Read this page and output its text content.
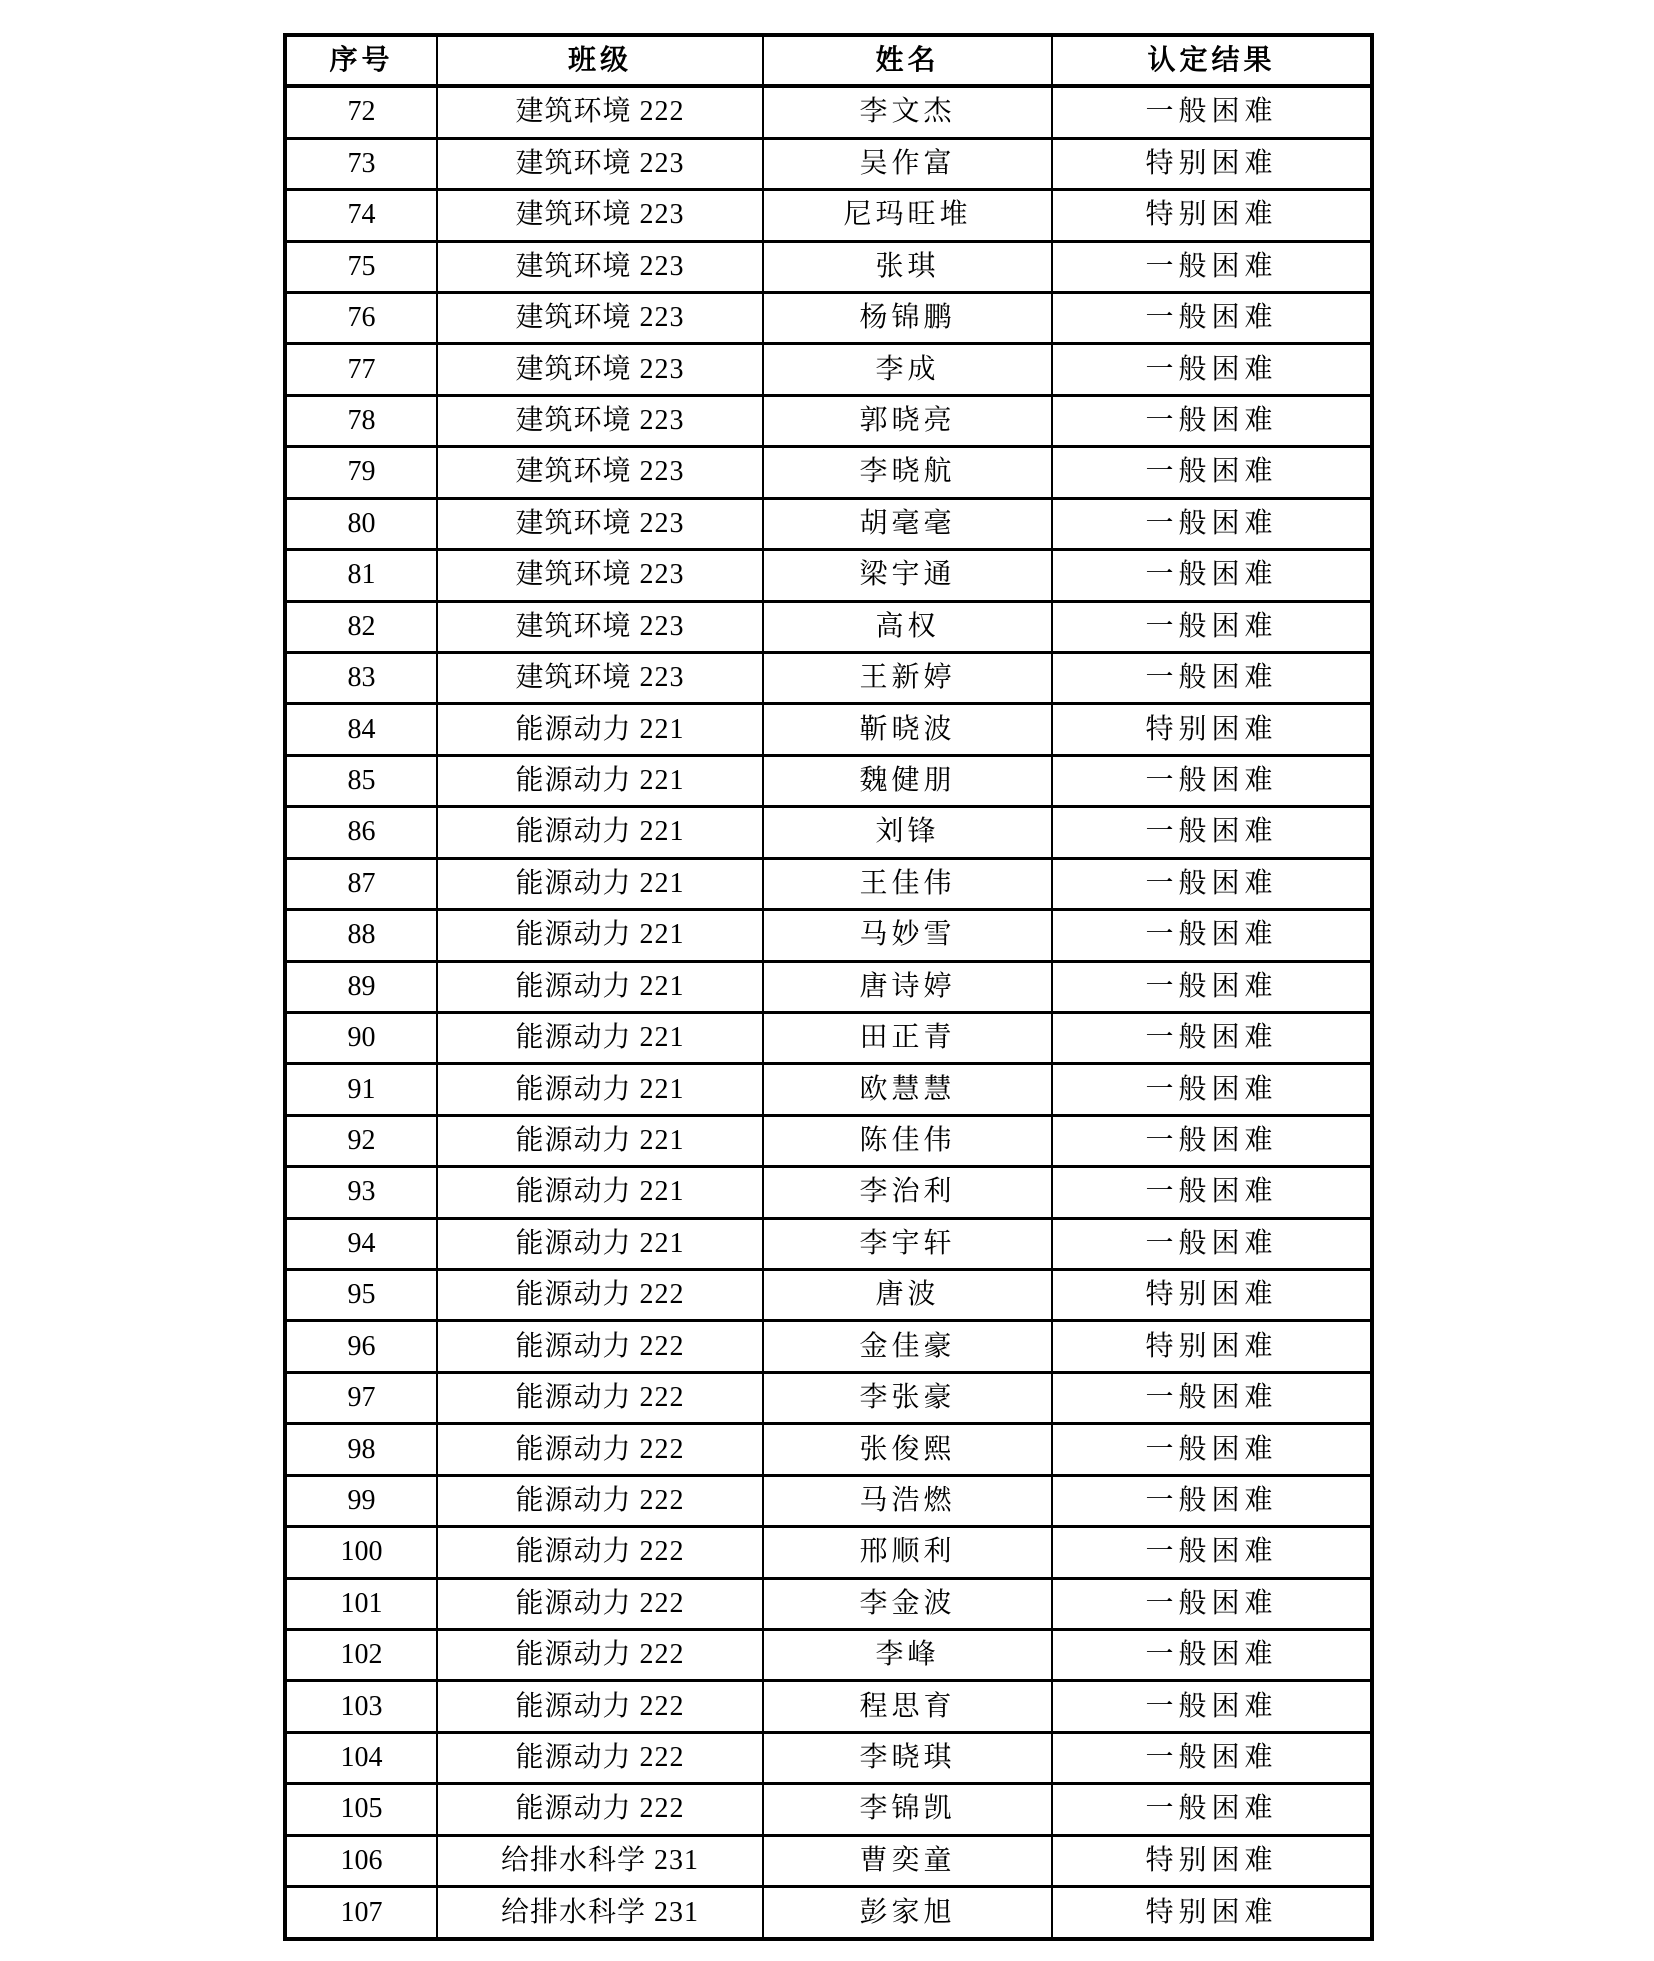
序号	班级	姓名	认定结果
72	建筑环境 222	李文杰	一般困难
73	建筑环境 223	吴作富	特别困难
74	建筑环境 223	尼玛旺堆	特别困难
75	建筑环境 223	张琪	一般困难
76	建筑环境 223	杨锦鹏	一般困难
77	建筑环境 223	李成	一般困难
78	建筑环境 223	郭晓亮	一般困难
79	建筑环境 223	李晓航	一般困难
80	建筑环境 223	胡毫毫	一般困难
81	建筑环境 223	梁宇通	一般困难
82	建筑环境 223	高权	一般困难
83	建筑环境 223	王新婷	一般困难
84	能源动力 221	靳晓波	特别困难
85	能源动力 221	魏健朋	一般困难
86	能源动力 221	刘锋	一般困难
87	能源动力 221	王佳伟	一般困难
88	能源动力 221	马妙雪	一般困难
89	能源动力 221	唐诗婷	一般困难
90	能源动力 221	田正青	一般困难
91	能源动力 221	欧慧慧	一般困难
92	能源动力 221	陈佳伟	一般困难
93	能源动力 221	李治利	一般困难
94	能源动力 221	李宇轩	一般困难
95	能源动力 222	唐波	特别困难
96	能源动力 222	金佳豪	特别困难
97	能源动力 222	李张豪	一般困难
98	能源动力 222	张俊熙	一般困难
99	能源动力 222	马浩燃	一般困难
100	能源动力 222	邢顺利	一般困难
101	能源动力 222	李金波	一般困难
102	能源动力 222	李峰	一般困难
103	能源动力 222	程思育	一般困难
104	能源动力 222	李晓琪	一般困难
105	能源动力 222	李锦凯	一般困难
106	给排水科学 231	曹奕童	特别困难
107	给排水科学 231	彭家旭	特别困难
